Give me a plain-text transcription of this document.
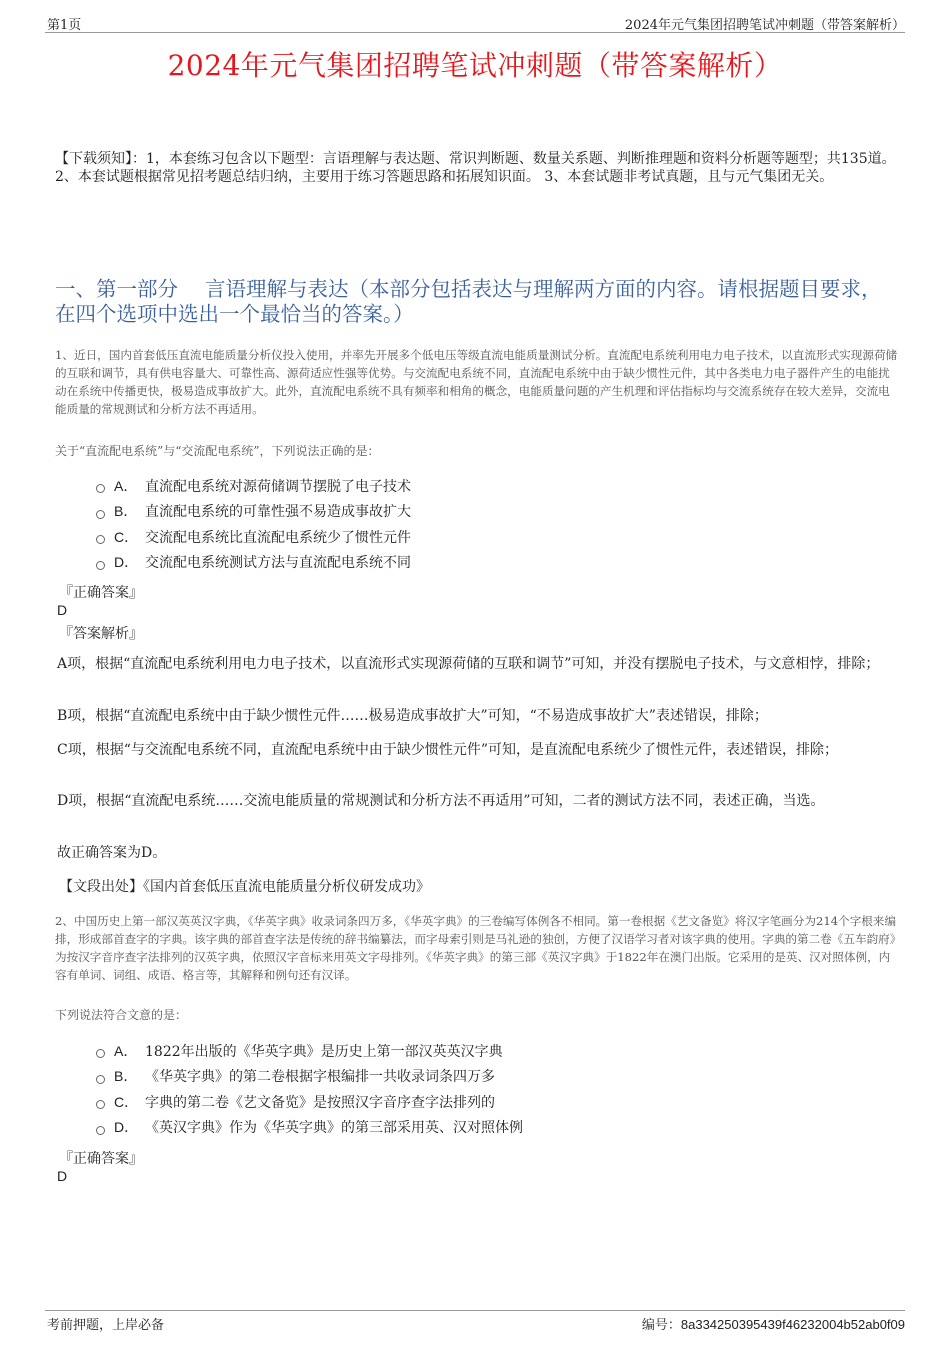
第1页	2024年元气集团招聘笔试冲刺题（带答案解析）
2024年元气集团招聘笔试冲刺题（带答案解析）
【下载须知】：1，本套练习包含以下题型：言语理解与表达题、常识判断题、数量关系题、判断推理题和资料分析题等题型；共135道。 2、本套试题根据常见招考题总结归纳，主要用于练习答题思路和拓展知识面。 3、本套试题非考试真题，且与元气集团无关。
一、第一部分　 言语理解与表达（本部分包括表达与理解两方面的内容。请根据题目要求，在四个选项中选出一个最恰当的答案。）
1、近日，国内首套低压直流电能质量分析仪投入使用，并率先开展多个低电压等级直流电能质量测试分析。直流配电系统利用电力电子技术，以直流形式实现源荷储的互联和调节，具有供电容量大、可靠性高、源荷适应性强等优势。与交流配电系统不同，直流配电系统中由于缺少惯性元件，其中各类电力电子器件产生的电能扰动在系统中传播更快，极易造成事故扩大。此外，直流配电系统不具有频率和相角的概念，电能质量问题的产生机理和评估指标均与交流系统存在较大差异，交流电能质量的常规测试和分析方法不再适用。
关于“直流配电系统”与“交流配电系统”，下列说法正确的是：
A． 直流配电系统对源荷储调节摆脱了电子技术
B． 直流配电系统的可靠性强不易造成事故扩大
C． 交流配电系统比直流配电系统少了惯性元件
D． 交流配电系统测试方法与直流配电系统不同
『正确答案』
D
『答案解析』
A项，根据“直流配电系统利用电力电子技术，以直流形式实现源荷储的互联和调节”可知，并没有摆脱电子技术，与文意相悖，排除；
B项，根据“直流配电系统中由于缺少惯性元件……极易造成事故扩大”可知，“不易造成事故扩大”表述错误，排除；
C项，根据“与交流配电系统不同，直流配电系统中由于缺少惯性元件”可知，是直流配电系统少了惯性元件，表述错误，排除；
D项，根据“直流配电系统……交流电能质量的常规测试和分析方法不再适用”可知，二者的测试方法不同，表述正确，当选。
故正确答案为D。
【文段出处】《国内首套低压直流电能质量分析仪研发成功》
2、中国历史上第一部汉英英汉字典，《华英字典》收录词条四万多，《华英字典》的三卷编写体例各不相同。第一卷根据《艺文备览》将汉字笔画分为214个字根来编排，形成部首查字的字典。该字典的部首查字法是传统的辞书编纂法，而字母索引则是马礼逊的独创，方便了汉语学习者对该字典的使用。字典的第二卷《五车韵府》为按汉字音序查字法排列的汉英字典，依照汉字音标来用英文字母排列。《华英字典》的第三部《英汉字典》于1822年在澳门出版。它采用的是英、汉对照体例，内容有单词、词组、成语、格言等，其解释和例句还有汉译。
下列说法符合文意的是：
A． 1822年出版的《华英字典》是历史上第一部汉英英汉字典
B． 《华英字典》的第二卷根据字根编排一共收录词条四万多
C． 字典的第二卷《艺文备览》是按照汉字音序查字法排列的
D． 《英汉字典》作为《华英字典》的第三部采用英、汉对照体例
『正确答案』
D
考前押题，上岸必备	编号：8a334250395439f46232004b52ab0f09
